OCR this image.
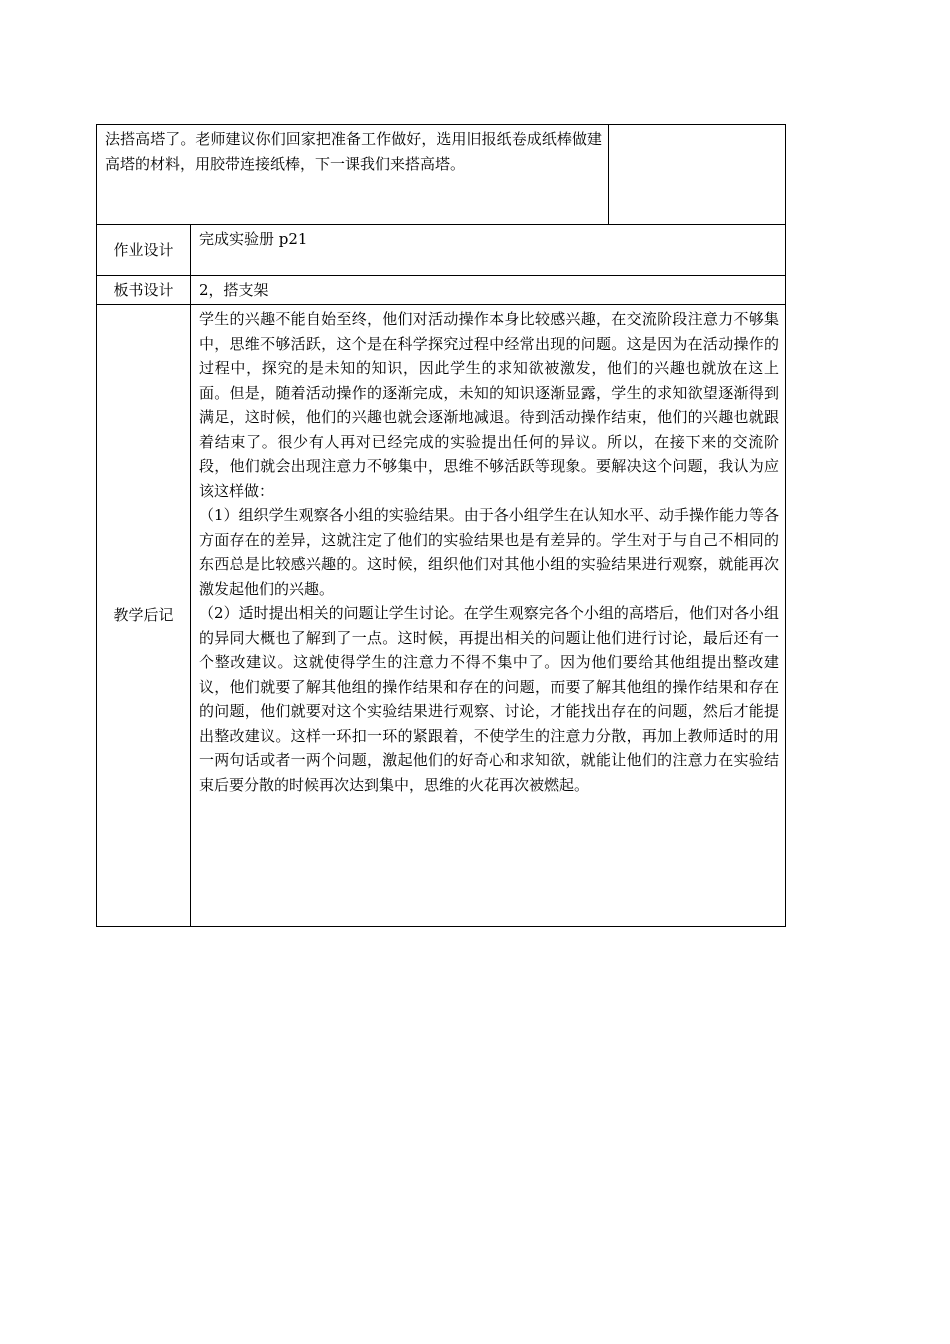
法搭高塔了。老师建议你们回家把准备工作做好，选用旧报纸卷成纸棒做建高塔的材料，用胶带连接纸棒，下一课我们来搭高塔。		

作业设计	完成实验册 p21	
板书设计	2，搭支架	
教学后记	学生的兴趣不能自始至终，他们对活动操作本身比较感兴趣，在交流阶段注意力不够集中，思维不够活跃，这个是在科学探究过程中经常出现的问题。这是因为在活动操作的过程中，探究的是未知的知识，因此学生的求知欲被激发，他们的兴趣也就放在这上面。但是，随着活动操作的逐渐完成，未知的知识逐渐显露，学生的求知欲望逐渐得到满足，这时候，他们的兴趣也就会逐渐地减退。待到活动操作结束，他们的兴趣也就跟着结束了。很少有人再对已经完成的实验提出任何的异议。所以，在接下来的交流阶段，他们就会出现注意力不够集中，思维不够活跃等现象。要解决这个问题，我认为应该这样做：

（1）组织学生观察各小组的实验结果。由于各小组学生在认知水平、动手操作能力等各方面存在的差异，这就注定了他们的实验结果也是有差异的。学生对于与自己不相同的东西总是比较感兴趣的。这时候，组织他们对其他小组的实验结果进行观察，就能再次激发起他们的兴趣。

（2）适时提出相关的问题让学生讨论。在学生观察完各个小组的高塔后，他们对各小组的异同大概也了解到了一点。这时候，再提出相关的问题让他们进行讨论，最后还有一个整改建议。这就使得学生的注意力不得不集中了。因为他们要给其他组提出整改建议，他们就要了解其他组的操作结果和存在的问题，而要了解其他组的操作结果和存在的问题，他们就要对这个实验结果进行观察、讨论，才能找出存在的问题，然后才能提出整改建议。这样一环扣一环的紧跟着，不使学生的注意力分散，再加上教师适时的用一两句话或者一两个问题，激起他们的好奇心和求知欲，就能让他们的注意力在实验结束后要分散的时候再次达到集中，思维的火花再次被燃起。	
